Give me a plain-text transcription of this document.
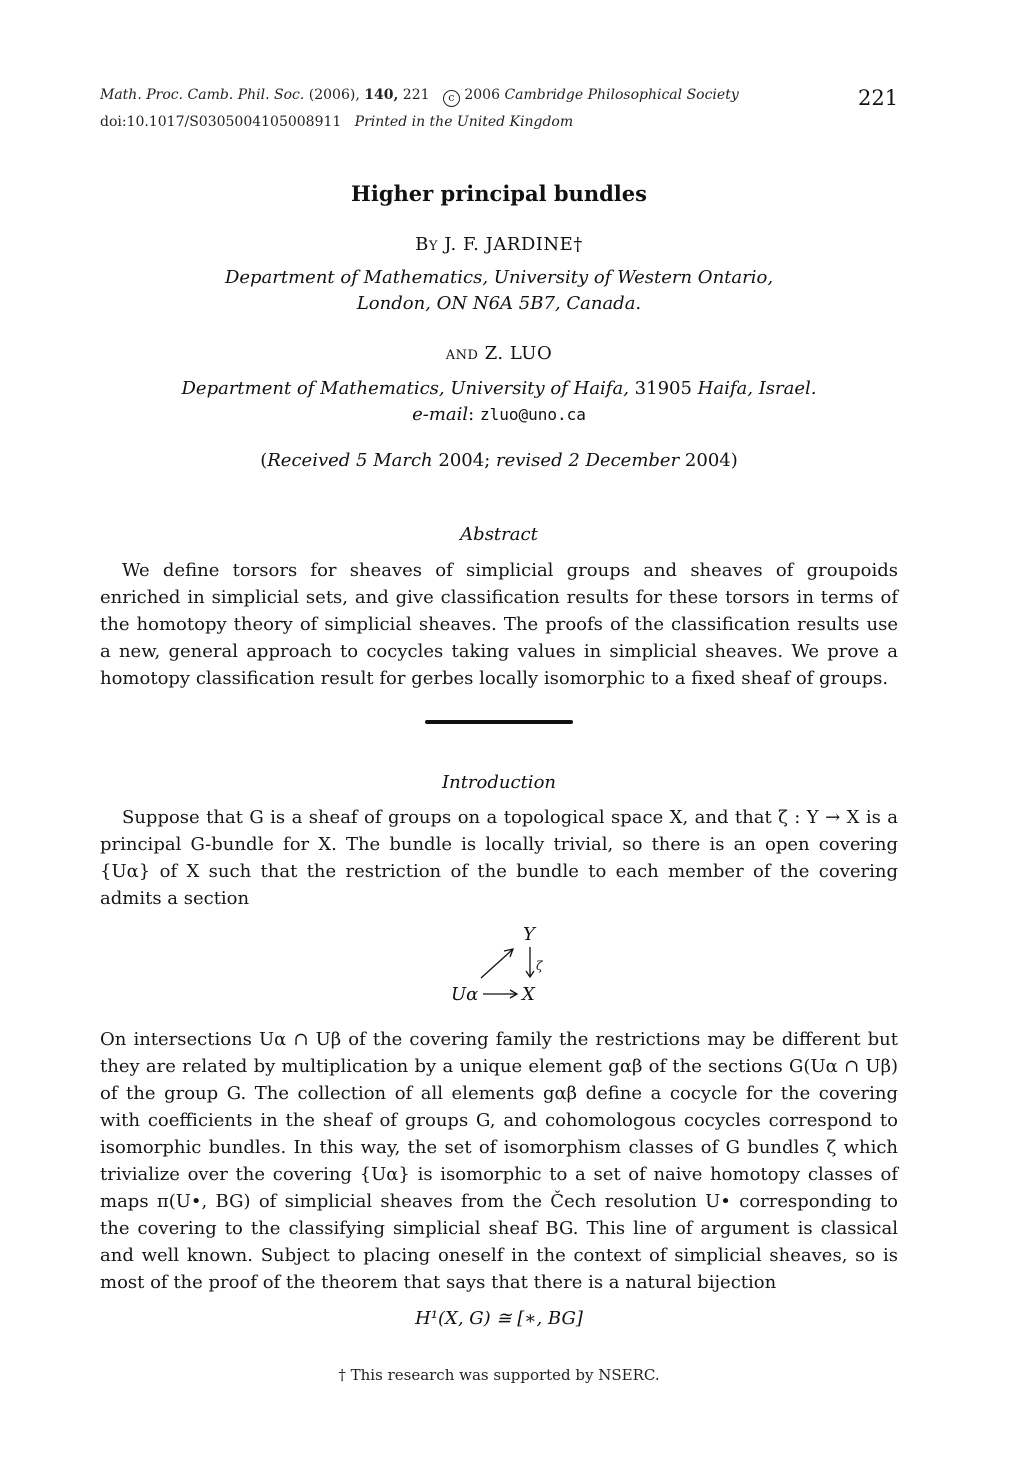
Math. Proc. Camb. Phil. Soc. (2006), 140, 221 c 2006 Cambridge Philosophical Society
doi:10.1017/S0305004105008911 Printed in the United Kingdom
221
Higher principal bundles
By J. F. JARDINE†
Department of Mathematics, University of Western Ontario,
London, ON N6A 5B7, Canada.
and Z. LUO
Department of Mathematics, University of Haifa, 31905 Haifa, Israel.
e-mail: zluo@uno.ca
(Received 5 March 2004; revised 2 December 2004)
Abstract

We define torsors for sheaves of simplicial groups and sheaves of groupoids enriched in simplicial sets, and give classification results for these torsors in terms of the homotopy theory of simplicial sheaves. The proofs of the classification results use a new, general approach to cocycles taking values in simplicial sheaves. We prove a homotopy classification result for gerbes locally isomorphic to a fixed sheaf of groups.

Introduction

Suppose that G is a sheaf of groups on a topological space X, and that ζ : Y → X is a principal G-bundle for X. The bundle is locally trivial, so there is an open covering {Uα} of X such that the restriction of the bundle to each member of the covering admits a section

Y
Uα X
ζ

On intersections Uα ∩ Uβ of the covering family the restrictions may be different but they are related by multiplication by a unique element gαβ of the sections G(Uα ∩ Uβ) of the group G. The collection of all elements gαβ define a cocycle for the covering with coefficients in the sheaf of groups G, and cohomologous cocycles correspond to isomorphic bundles. In this way, the set of isomorphism classes of G bundles ζ which trivialize over the covering {Uα} is isomorphic to a set of naive homotopy classes of maps π(U•, BG) of simplicial sheaves from the Čech resolution U• corresponding to the covering to the classifying simplicial sheaf BG. This line of argument is classical and well known. Subject to placing oneself in the context of simplicial sheaves, so is most of the proof of the theorem that says that there is a natural bijection

H¹(X, G) ≅ [∗, BG]
† This research was supported by NSERC.
